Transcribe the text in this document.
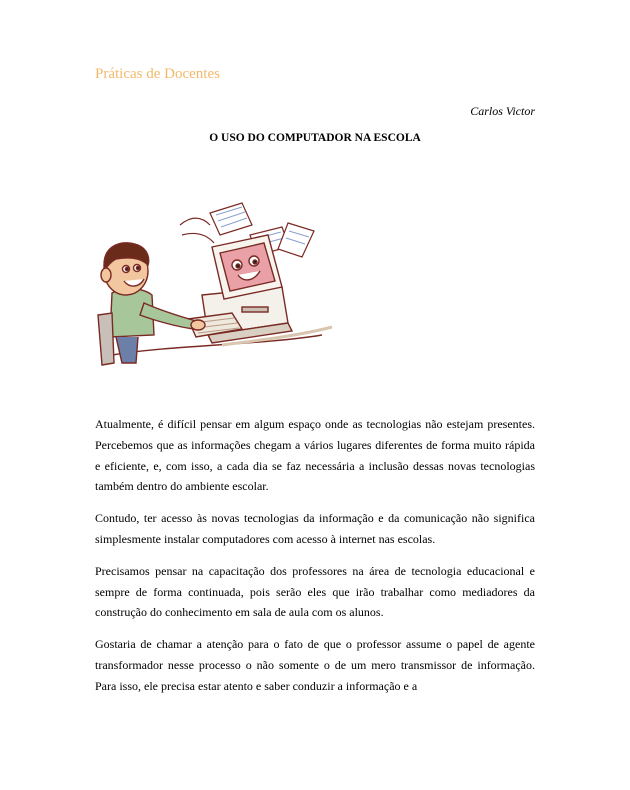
Práticas de Docentes
Carlos Victor
O USO DO COMPUTADOR NA ESCOLA

Atualmente, é difícil pensar em algum espaço onde as tecnologias não estejam presentes. Percebemos que as informações chegam a vários lugares diferentes de forma muito rápida e eficiente, e, com isso, a cada dia se faz necessária a inclusão dessas novas tecnologias também dentro do ambiente escolar.

Contudo, ter acesso às novas tecnologias da informação e da comunicação não significa simplesmente instalar computadores com acesso à internet nas escolas.

Precisamos pensar na capacitação dos professores na área de tecnologia educacional e sempre de forma continuada, pois serão eles que irão trabalhar como mediadores da construção do conhecimento em sala de aula com os alunos.

Gostaria de chamar a atenção para o fato de que o professor assume o papel de agente transformador nesse processo o não somente o de um mero transmissor de informação. Para isso, ele precisa estar atento e saber conduzir a informação e a
